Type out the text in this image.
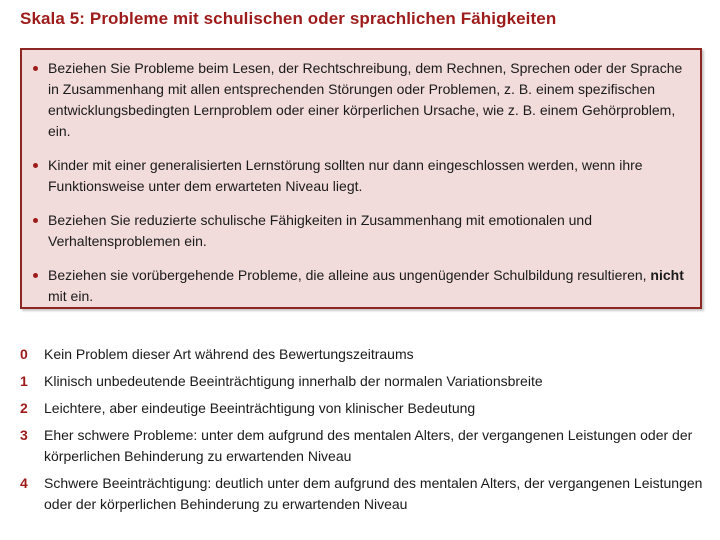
Skala 5: Probleme mit schulischen oder sprachlichen Fähigkeiten

Beziehen Sie Probleme beim Lesen, der Rechtschreibung, dem Rechnen, Sprechen oder der Sprache in Zusammenhang mit allen entsprechenden Störungen oder Problemen, z. B. einem spezifischen entwicklungsbedingten Lernproblem oder einer körperlichen Ursache, wie z. B. einem Gehörproblem, ein.

Kinder mit einer generalisierten Lernstörung sollten nur dann eingeschlossen werden, wenn ihre Funktionsweise unter dem erwarteten Niveau liegt.

Beziehen Sie reduzierte schulische Fähigkeiten in Zusammenhang mit emotionalen und Verhaltensproblemen ein.

Beziehen sie vorübergehende Probleme, die alleine aus ungenügender Schulbildung resultieren, nicht mit ein.

0	Kein Problem dieser Art während des Bewertungszeitraums
1	Klinisch unbedeutende Beeinträchtigung innerhalb der normalen Variationsbreite
2	Leichtere, aber eindeutige Beeinträchtigung von klinischer Bedeutung
3	Eher schwere Probleme: unter dem aufgrund des mentalen Alters, der vergangenen Leistungen oder der körperlichen Behinderung zu erwartenden Niveau
4	Schwere Beeinträchtigung: deutlich unter dem aufgrund des mentalen Alters, der vergangenen Leistungen oder der körperlichen Behinderung zu erwartenden Niveau
